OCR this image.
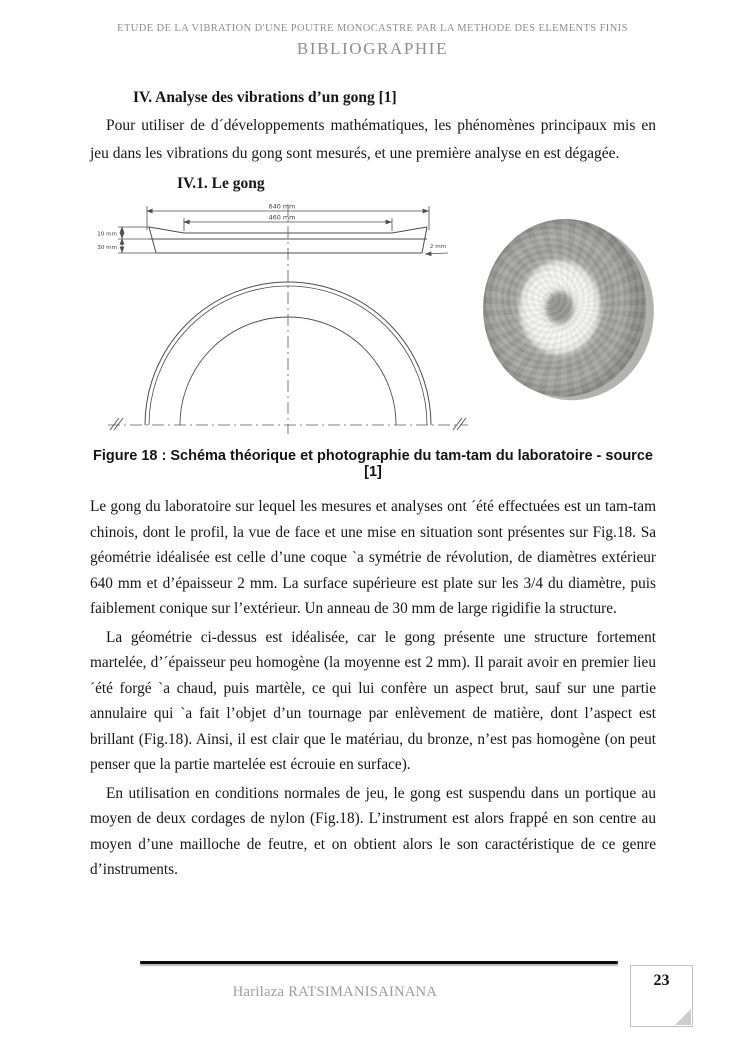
ETUDE DE LA VIBRATION D'UNE POUTRE MONOCASTRE PAR LA METHODE DES ELEMENTS FINIS
BIBLIOGRAPHIE
IV. Analyse des vibrations d’un gong [1]

Pour utiliser de d´développements mathématiques, les phénomènes principaux mis en jeu dans les vibrations du gong sont mesurés, et une première analyse en est dégagée.

IV.1. Le gong
640 mm
460 mm
10 mm
30 mm	2 mm

Figure 18 : Schéma théorique et photographie du tam-tam du laboratoire - source [1]

Le gong du laboratoire sur lequel les mesures et analyses ont ´été effectuées est un tam-tam chinois, dont le profil, la vue de face et une mise en situation sont présentes sur Fig.18. Sa géométrie idéalisée est celle d’une coque `a symétrie de révolution, de diamètres extérieur 640 mm et d’épaisseur 2 mm. La surface supérieure est plate sur les 3/4 du diamètre, puis faiblement conique sur l’extérieur. Un anneau de 30 mm de large rigidifie la structure.

La géométrie ci-dessus est idéalisée, car le gong présente une structure fortement martelée, d’´épaisseur peu homogène (la moyenne est 2 mm). Il parait avoir en premier lieu ´été forgé `a chaud, puis martèle, ce qui lui confère un aspect brut, sauf sur une partie annulaire qui `a fait l’objet d’un tournage par enlèvement de matière, dont l’aspect est brillant (Fig.18). Ainsi, il est clair que le matériau, du bronze, n’est pas homogène (on peut penser que la partie martelée est écrouie en surface).

En utilisation en conditions normales de jeu, le gong est suspendu dans un portique au moyen de deux cordages de nylon (Fig.18). L’instrument est alors frappé en son centre au moyen d’une mailloche de feutre, et on obtient alors le son caractéristique de ce genre d’instruments.

Harilaza RATSIMANISAINANA
23
